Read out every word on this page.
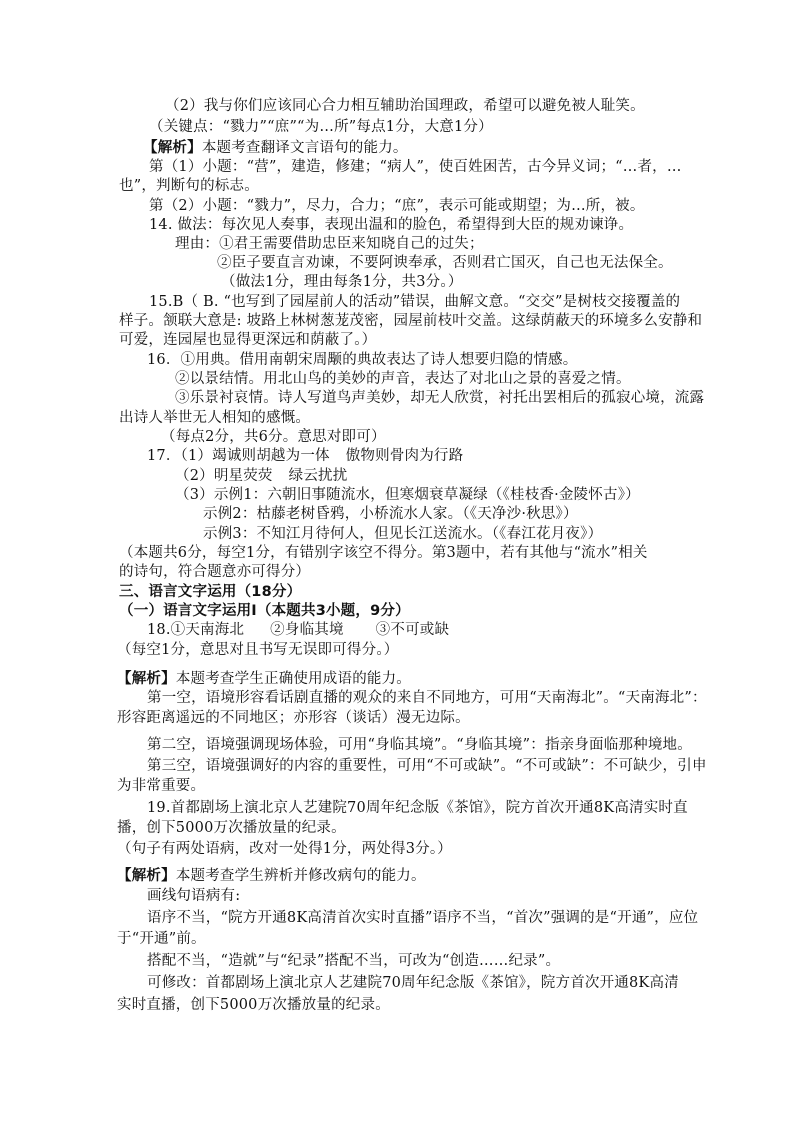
（2）我与你们应该同心合力相互辅助治国理政，希望可以避免被人耻笑。
（关键点：“戮力”“庶”“为…所”每点1分，大意1分）
【解析】本题考查翻译文言语句的能力。
第（1）小题：“营”，建造，修建；“病人”，使百姓困苦，古今异义词；“…者，…
也”，判断句的标志。
第（2）小题：“戮力”，尽力，合力；“庶”，表示可能或期望；为…所，被。
14. 做法：每次见人奏事，表现出温和的脸色，希望得到大臣的规劝谏诤。
理由：①君王需要借助忠臣来知晓自己的过失；
②臣子要直言劝谏，不要阿谀奉承，否则君亡国灭，自己也无法保全。
（做法1分，理由每条1分，共3分。）
15.B（ B. “也写到了园屋前人的活动”错误，曲解文意。“交交”是树枝交接覆盖的
样子。颔联大意是: 坡路上林树葱茏茂密，园屋前枝叶交盖。这绿荫蔽天的环境多么安静和
可爱，连园屋也显得更深远和荫蔽了。）
16．①用典。借用南朝宋周颙的典故表达了诗人想要归隐的情感。
②以景结情。用北山鸟的美妙的声音，表达了对北山之景的喜爱之情。
③乐景衬哀情。诗人写道鸟声美妙，却无人欣赏，衬托出罢相后的孤寂心境，流露
出诗人举世无人相知的感慨。
（每点2分，共6分。意思对即可）
17．（1）竭诚则胡越为一体 傲物则骨肉为行路
（2）明星荧荧 绿云扰扰
（3）示例1：六朝旧事随流水，但寒烟衰草凝绿（《桂枝香·金陵怀古》）
示例2：枯藤老树昏鸦，小桥流水人家。（《天净沙·秋思》）
示例3：不知江月待何人，但见长江送流水。（《春江花月夜》）
（本题共6分，每空1分，有错别字该空不得分。第3题中，若有其他与“流水”相关
的诗句，符合题意亦可得分）
三、语言文字运用（18分）
（一）语言文字运用Ⅰ（本题共3小题，9分）
18.①天南海北 ②身临其境 ③不可或缺
（每空1分，意思对且书写无误即可得分。）
【解析】本题考查学生正确使用成语的能力。
第一空，语境形容看话剧直播的观众的来自不同地方，可用“天南海北”。“天南海北”：
形容距离遥远的不同地区；亦形容（谈话）漫无边际。
第二空，语境强调现场体验，可用“身临其境”。“身临其境”：指亲身面临那种境地。
第三空，语境强调好的内容的重要性，可用“不可或缺”。“不可或缺”：不可缺少，引申
为非常重要。
19.首都剧场上演北京人艺建院70周年纪念版《茶馆》，院方首次开通8K高清实时直
播，创下5000万次播放量的纪录。
（句子有两处语病，改对一处得1分，两处得3分。）
【解析】本题考查学生辨析并修改病句的能力。
画线句语病有:
语序不当，“院方开通8K高清首次实时直播”语序不当，“首次”强调的是“开通”，应位
于“开通”前。
搭配不当，“造就”与“纪录”搭配不当，可改为“创造……纪录”。
可修改：首都剧场上演北京人艺建院70周年纪念版《茶馆》，院方首次开通8K高清
实时直播，创下5000万次播放量的纪录。
